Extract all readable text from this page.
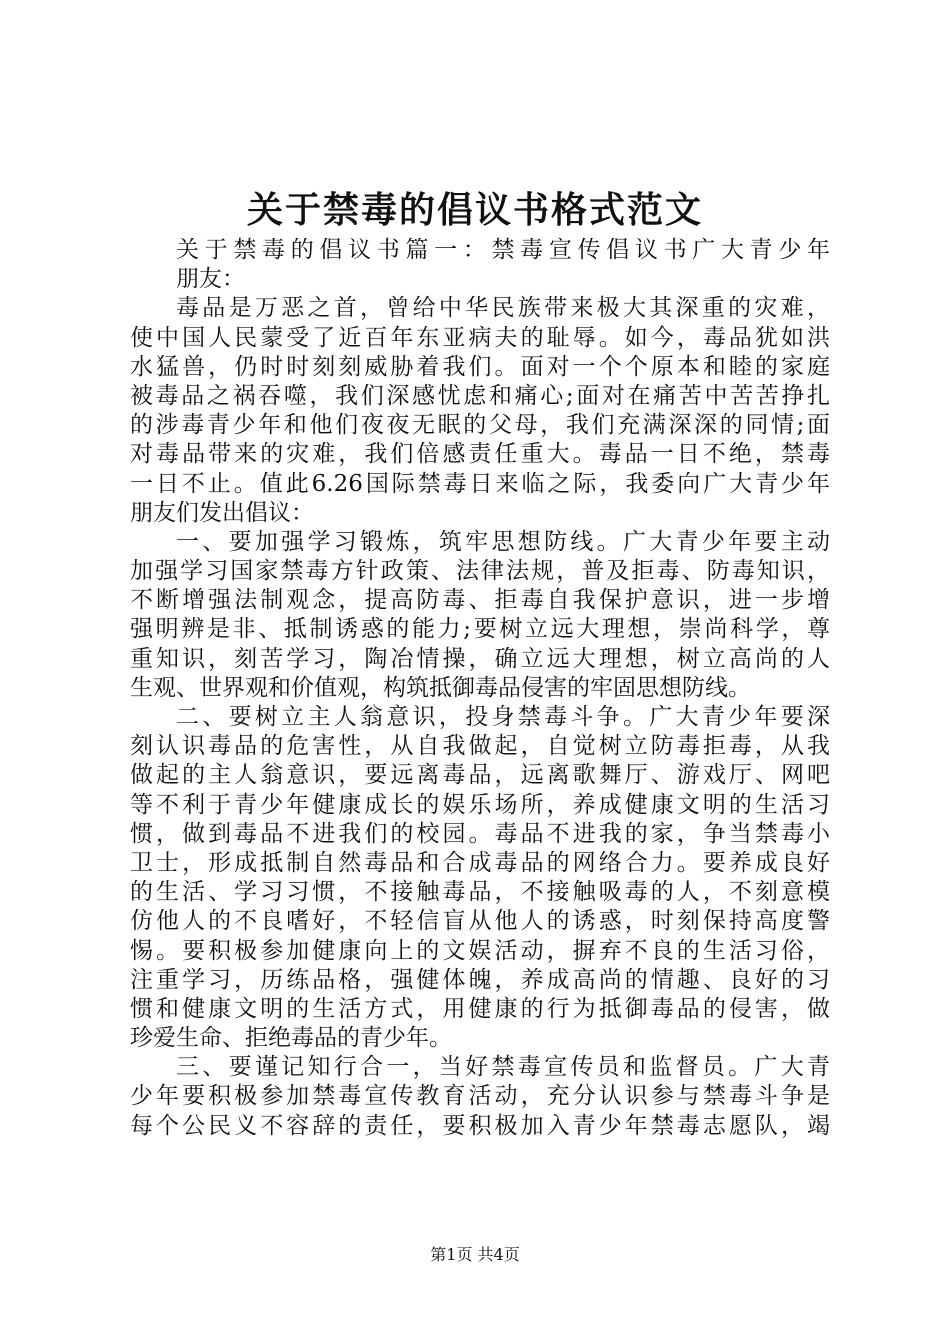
关于禁毒的倡议书格式范文
关于禁毒的倡议书篇一：禁毒宣传倡议书广大青少年
朋友：
毒品是万恶之首，曾给中华民族带来极大其深重的灾难，
使中国人民蒙受了近百年东亚病夫的耻辱。如今，毒品犹如洪
水猛兽，仍时时刻刻威胁着我们。面对一个个原本和睦的家庭
被毒品之祸吞噬，我们深感忧虑和痛心;面对在痛苦中苦苦挣扎
的涉毒青少年和他们夜夜无眠的父母，我们充满深深的同情;面
对毒品带来的灾难，我们倍感责任重大。毒品一日不绝，禁毒
一日不止。值此6.26国际禁毒日来临之际，我委向广大青少年
朋友们发出倡议：
一、要加强学习锻炼，筑牢思想防线。广大青少年要主动
加强学习国家禁毒方针政策、法律法规，普及拒毒、防毒知识，
不断增强法制观念，提高防毒、拒毒自我保护意识，进一步增
强明辨是非、抵制诱惑的能力;要树立远大理想，崇尚科学，尊
重知识，刻苦学习，陶冶情操，确立远大理想，树立高尚的人
生观、世界观和价值观，构筑抵御毒品侵害的牢固思想防线。
二、要树立主人翁意识，投身禁毒斗争。广大青少年要深
刻认识毒品的危害性，从自我做起，自觉树立防毒拒毒，从我
做起的主人翁意识，要远离毒品，远离歌舞厅、游戏厅、网吧
等不利于青少年健康成长的娱乐场所，养成健康文明的生活习
惯，做到毒品不进我们的校园。毒品不进我的家，争当禁毒小
卫士，形成抵制自然毒品和合成毒品的网络合力。要养成良好
的生活、学习习惯，不接触毒品，不接触吸毒的人，不刻意模
仿他人的不良嗜好，不轻信盲从他人的诱惑，时刻保持高度警
惕。要积极参加健康向上的文娱活动，摒弃不良的生活习俗，
注重学习，历练品格，强健体魄，养成高尚的情趣、良好的习
惯和健康文明的生活方式，用健康的行为抵御毒品的侵害，做
珍爱生命、拒绝毒品的青少年。
三、要谨记知行合一，当好禁毒宣传员和监督员。广大青
少年要积极参加禁毒宣传教育活动，充分认识参与禁毒斗争是
每个公民义不容辞的责任，要积极加入青少年禁毒志愿队，竭
第1页 共4页
